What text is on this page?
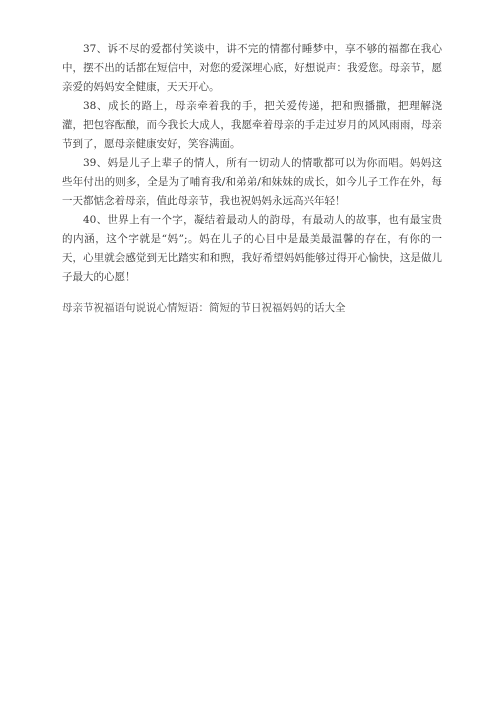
37、诉不尽的爱都付笑谈中，讲不完的情都付睡梦中，享不够的福都在我心中，摆不出的话都在短信中，对您的爱深埋心底，好想说声：我爱您。母亲节，愿亲爱的妈妈安全健康，天天开心。

38、成长的路上，母亲牵着我的手，把关爱传递，把和煦播撒，把理解浇灌，把包容酝酿，而今我长大成人，我愿牵着母亲的手走过岁月的风风雨雨，母亲节到了，愿母亲健康安好，笑容满面。

39、妈是儿子上辈子的情人，所有一切动人的情歌都可以为你而唱。妈妈这些年付出的则多，全是为了哺育我/和弟弟/和妹妹的成长，如今儿子工作在外，每一天都惦念着母亲，值此母亲节，我也祝妈妈永远高兴年轻！

40、世界上有一个字，凝结着最动人的韵母，有最动人的故事，也有最宝贵的内涵，这个字就是“妈”;。妈在儿子的心目中是最美最温馨的存在，有你的一天，心里就会感觉到无比踏实和和煦，我好希望妈妈能够过得开心愉快，这是做儿子最大的心愿！

母亲节祝福语句说说心情短语：简短的节日祝福妈妈的话大全
